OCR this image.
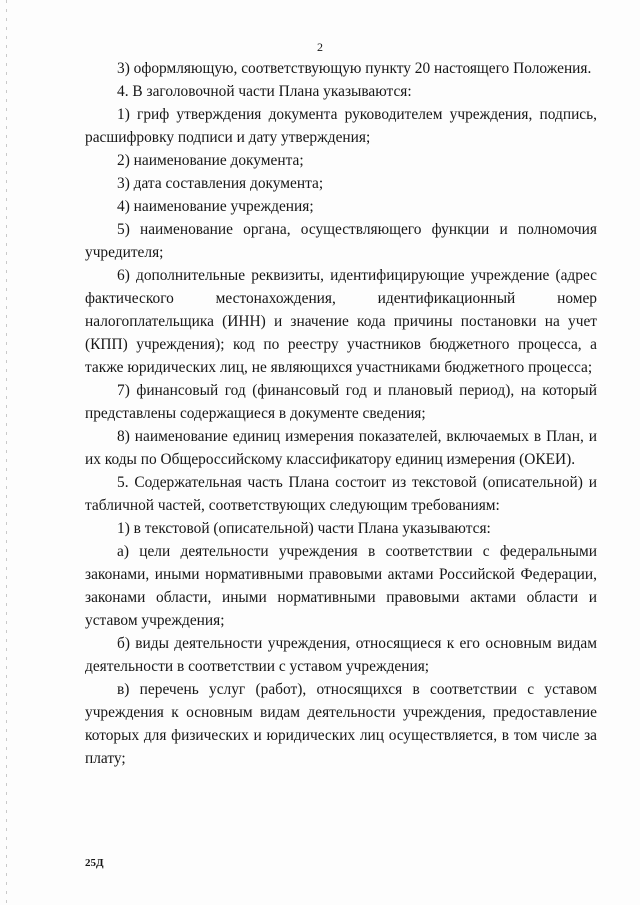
2

3) оформляющую, соответствующую пункту 20 настоящего Положения.

4. В заголовочной части Плана указываются:

1) гриф утверждения документа руководителем учреждения, подпись, расшифровку подписи и дату утверждения;

2) наименование документа;

3) дата составления документа;

4) наименование учреждения;

5) наименование органа, осуществляющего функции и полномочия учредителя;

6) дополнительные реквизиты, идентифицирующие учреждение (адрес фактического местонахождения, идентификационный номер налогоплательщика (ИНН) и значение кода причины постановки на учет (КПП) учреждения); код по реестру участников бюджетного процесса, а также юридических лиц, не являющихся участниками бюджетного процесса;

7) финансовый год (финансовый год и плановый период), на который представлены содержащиеся в документе сведения;

8) наименование единиц измерения показателей, включаемых в План, и их коды по Общероссийскому классификатору единиц измерения (ОКЕИ).

5. Содержательная часть Плана состоит из текстовой (описательной) и табличной частей, соответствующих следующим требованиям:

1) в текстовой (описательной) части Плана указываются:

а) цели деятельности учреждения в соответствии с федеральными законами, иными нормативными правовыми актами Российской Федерации, законами области, иными нормативными правовыми актами области и уставом учреждения;

б) виды деятельности учреждения, относящиеся к его основным видам деятельности в соответствии с уставом учреждения;

в) перечень услуг (работ), относящихся в соответствии с уставом учреждения к основным видам деятельности учреждения, предоставление которых для физических и юридических лиц осуществляется, в том числе за плату;

25Д
